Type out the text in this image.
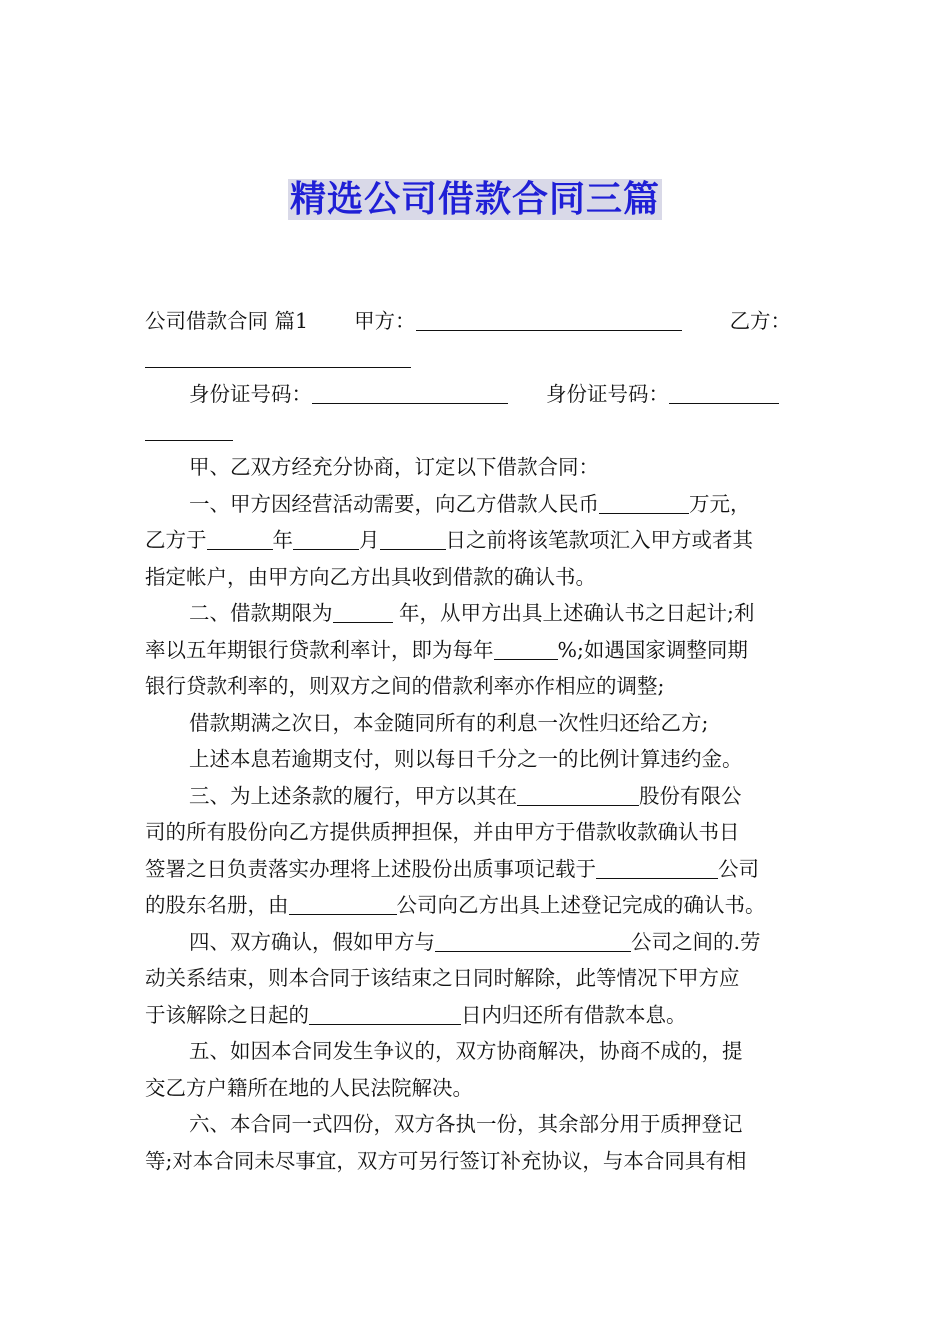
精选公司借款合同三篇
公司借款合同 篇1 甲方：	乙方：
身份证号码：	身份证号码：
甲、乙双方经充分协商，订定以下借款合同：
一、甲方因经营活动需要，向乙方借款人民币	万元，
乙方于	年	月	日之前将该笔款项汇入甲方或者其
指定帐户，由甲方向乙方出具收到借款的确认书。
二、借款期限为	年，从甲方出具上述确认书之日起计;利
率以五年期银行贷款利率计，即为每年	%;如遇国家调整同期
银行贷款利率的，则双方之间的借款利率亦作相应的调整;
借款期满之次日，本金随同所有的利息一次性归还给乙方;
上述本息若逾期支付，则以每日千分之一的比例计算违约金。
三、为上述条款的履行，甲方以其在	股份有限公
司的所有股份向乙方提供质押担保，并由甲方于借款收款确认书日
签署之日负责落实办理将上述股份出质事项记载于	公司
的股东名册，由	公司向乙方出具上述登记完成的确认书。
四、双方确认，假如甲方与	公司之间的.劳
动关系结束，则本合同于该结束之日同时解除，此等情况下甲方应
于该解除之日起的	日内归还所有借款本息。
五、如因本合同发生争议的，双方协商解决，协商不成的，提
交乙方户籍所在地的人民法院解决。
六、本合同一式四份，双方各执一份，其余部分用于质押登记
等;对本合同未尽事宜，双方可另行签订补充协议，与本合同具有相
